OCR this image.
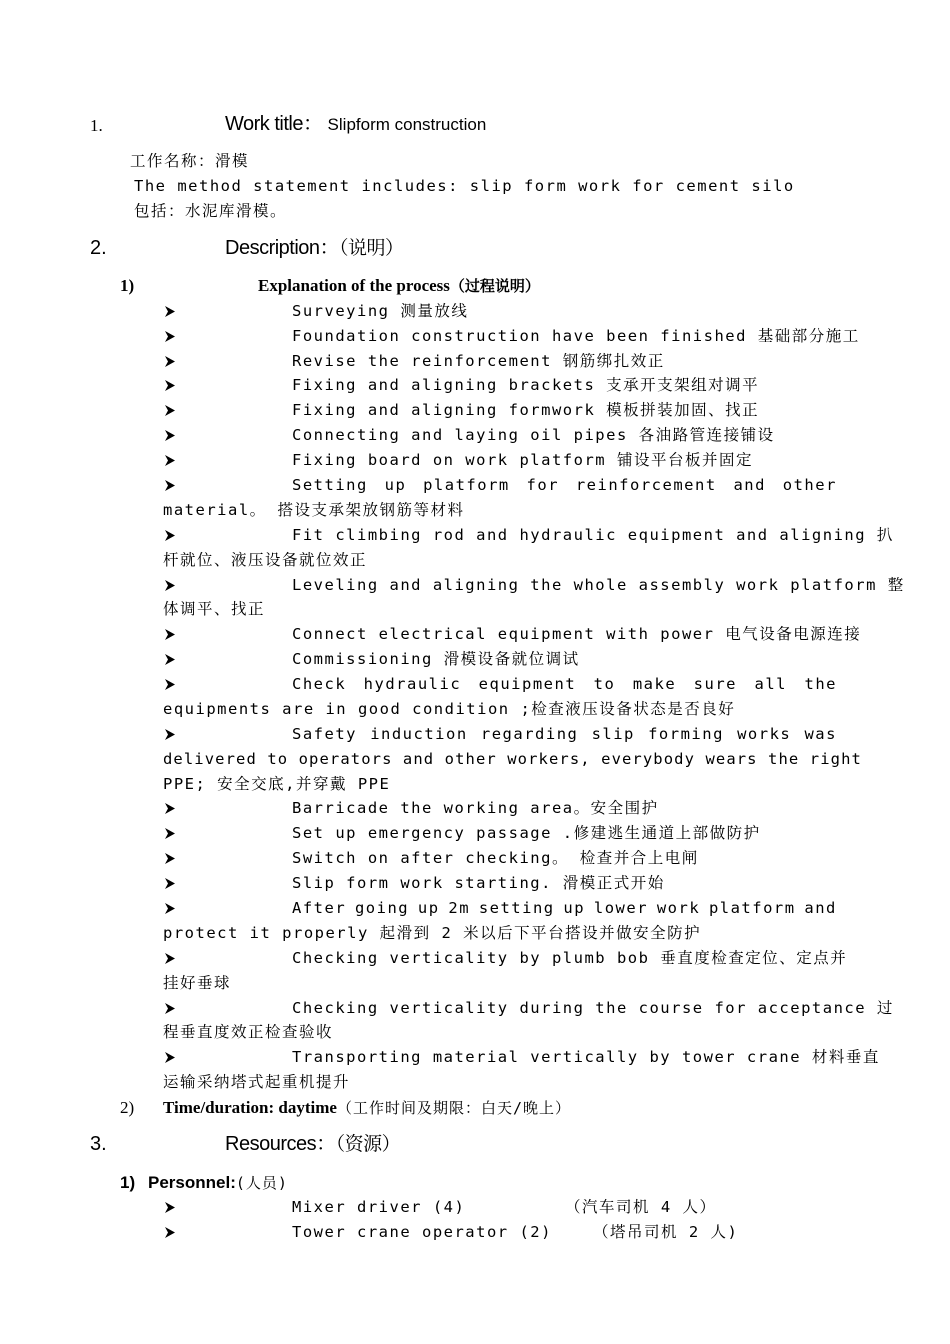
1.	Work title： Slipform construction
工作名称：滑模
The method statement includes: slip form work for cement silo
包括：水泥库滑模。
2.	Description：（说明）
1)	Explanation of the process（过程说明）
Surveying 测量放线
Foundation construction have been finished 基础部分施工
Revise the reinforcement 钢筋绑扎效正
Fixing and aligning brackets 支承开支架组对调平
Fixing and aligning formwork 模板拼装加固、找正
Connecting and laying oil pipes 各油路管连接铺设
Fixing board on work platform 铺设平台板并固定
Setting up platform for reinforcement and other
material。 搭设支承架放钢筋等材料
Fit climbing rod and hydraulic equipment and aligning 扒
杆就位、液压设备就位效正
Leveling and aligning the whole assembly work platform 整
体调平、找正
Connect electrical equipment with power 电气设备电源连接
Commissioning 滑模设备就位调试
Check hydraulic equipment to make sure all the
equipments are in good condition ;检查液压设备状态是否良好
Safety induction regarding slip forming works was
delivered to operators and other workers, everybody wears the right
PPE; 安全交底,并穿戴 PPE
Barricade the working area。安全围护
Set up emergency passage .修建逃生通道上部做防护
Switch on after checking。 检查并合上电闸
Slip form work starting. 滑模正式开始
After going up 2m setting up lower work platform and
protect it properly 起滑到 2 米以后下平台搭设并做安全防护
Checking verticality by plumb bob 垂直度检查定位、定点并
挂好垂球
Checking verticality during the course for acceptance 过
程垂直度效正检查验收
Transporting material vertically by tower crane 材料垂直
运输采纳塔式起重机提升
2) Time/duration: daytime（工作时间及期限：白天/晚上）
3.	Resources：（资源）
1) Personnel:(人员)
Mixer driver (4)	（汽车司机 4 人）
Tower crane operator (2)	（塔吊司机 2 人)
